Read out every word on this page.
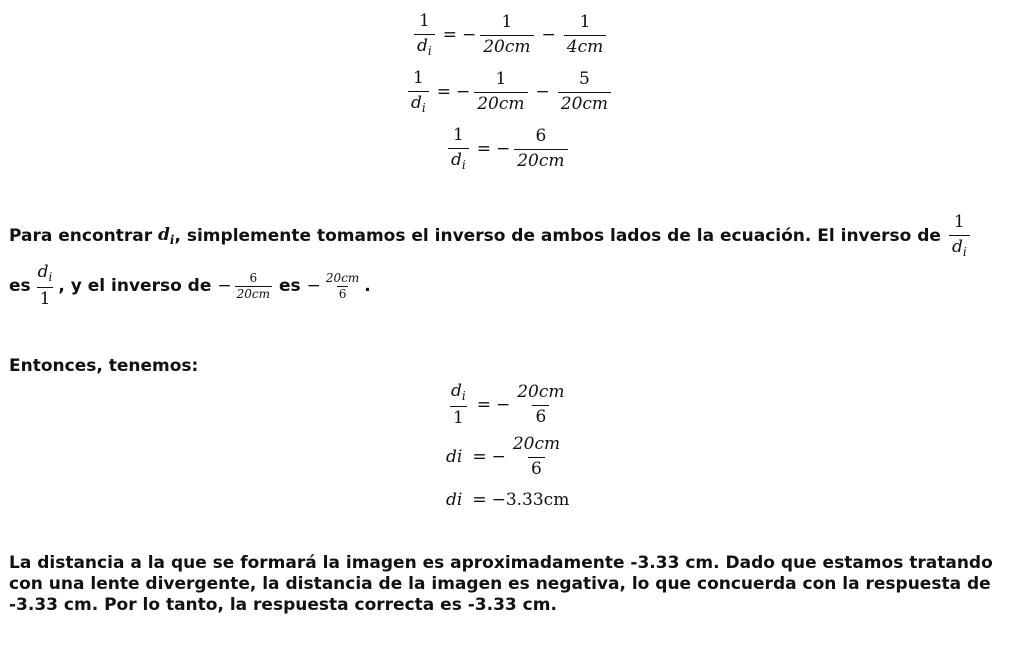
$\frac{1}{d_i}$ = − $\frac{1}{20cm} - \frac{1}{4cm}$
$\frac{1}{d_i}$ = − $\frac{1}{20cm} - \frac{5}{20cm}$
$\frac{1}{d_i}$ = − $\frac{6}{20cm}$
Para encontrar $d_i$ , simplemente tomamos el inverso de ambos lados de la ecuación. El inverso de $\frac{1}{d_i}$
es $\frac{d_i}{1}$ , y el inverso de − $\frac{6}{20cm}$ es − $\frac{20cm}{6}$ .
Entonces, tenemos:
$\frac{d_i}{1}$ = − $\frac{20cm}{6}$
di = − $\frac{20cm}{6}$
di = −3.33cm
La distancia a la que se formará la imagen es aproximadamente -3.33 cm. Dado que estamos tratando con una lente divergente, la distancia de la imagen es negativa, lo que concuerda con la respuesta de -3.33 cm. Por lo tanto, la respuesta correcta es -3.33 cm.
